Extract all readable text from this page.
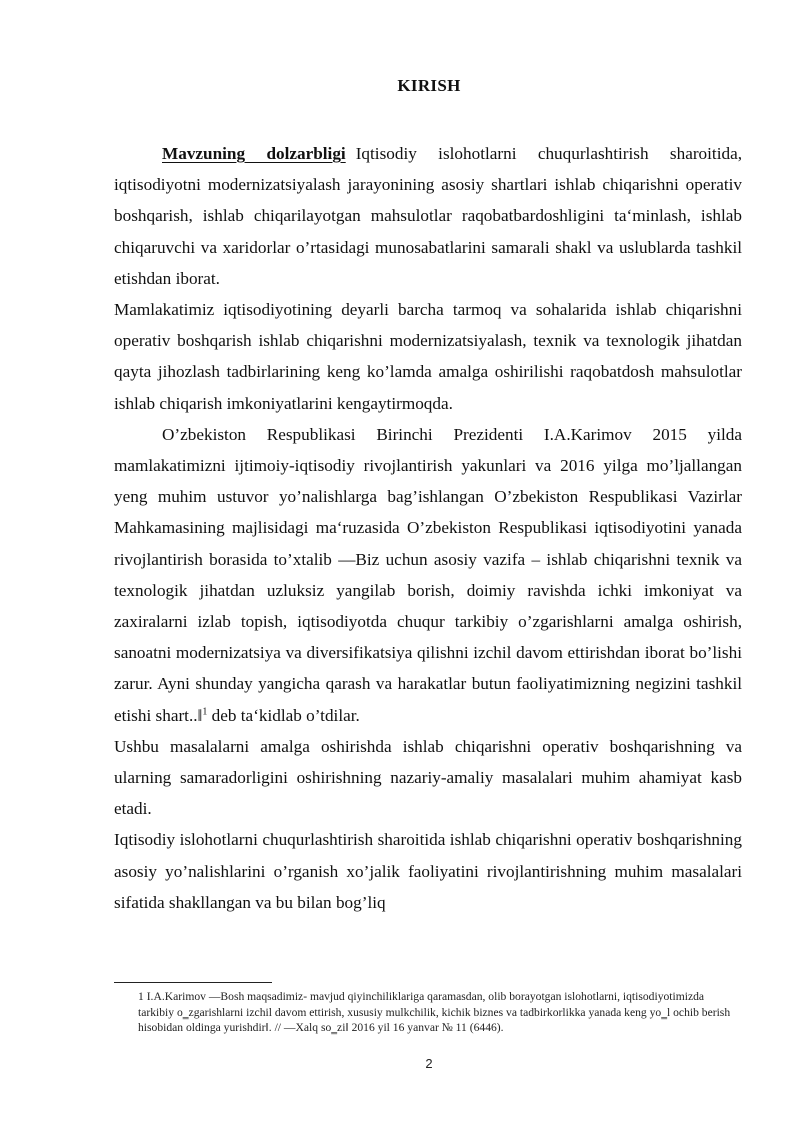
KIRISH

Mavzuning dolzarbligi Iqtisodiy islohotlarni chuqurlashtirish sharoitida, iqtisodiyotni modernizatsiyalash jarayonining asosiy shartlari ishlab chiqarishni operativ boshqarish, ishlab chiqarilayotgan mahsulotlar raqobatbardoshligini ta‘minlash, ishlab chiqaruvchi va xaridorlar o’rtasidagi munosabatlarini samarali shakl va uslublarda tashkil etishdan iborat.

Mamlakatimiz iqtisodiyotining deyarli barcha tarmoq va sohalarida ishlab chiqarishni operativ boshqarish ishlab chiqarishni modernizatsiyalash, texnik va texnologik jihatdan qayta jihozlash tadbirlarining keng ko’lamda amalga oshirilishi raqobatdosh mahsulotlar ishlab chiqarish imkoniyatlarini kengaytirmoqda.

O’zbekiston Respublikasi Birinchi Prezidenti I.A.Karimov 2015 yilda mamlakatimizni ijtimoiy-iqtisodiy rivojlantirish yakunlari va 2016 yilga mo’ljallangan yeng muhim ustuvor yo’nalishlarga bag’ishlangan O’zbekiston Respublikasi Vazirlar Mahkamasining majlisidagi ma‘ruzasida O’zbekiston Respublikasi iqtisodiyotini yanada rivojlantirish borasida to’xtalib ―Biz uchun asosiy vazifa – ishlab chiqarishni texnik va texnologik jihatdan uzluksiz yangilab borish, doimiy ravishda ichki imkoniyat va zaxiralarni izlab topish, iqtisodiyotda chuqur tarkibiy o’zgarishlarni amalga oshirish, sanoatni modernizatsiya va diversifikatsiya qilishni izchil davom ettirishdan iborat bo’lishi zarur. Ayni shunday yangicha qarash va harakatlar butun faoliyatimizning negizini tashkil etishi shart..‖$^1$ deb ta‘kidlab o’tdilar.

Ushbu masalalarni amalga oshirishda ishlab chiqarishni operativ boshqarishning va ularning samaradorligini oshirishning nazariy-amaliy masalalari muhim ahamiyat kasb etadi.

Iqtisodiy islohotlarni chuqurlashtirish sharoitida ishlab chiqarishni operativ boshqarishning asosiy yo’nalishlarini o’rganish xo’jalik faoliyatini rivojlantirishning muhim masalalari sifatida shakllangan va bu bilan bog’liq

1 I.A.Karimov ―Bosh maqsadimiz- mavjud qiyinchiliklariga qaramasdan, olib borayotgan islohotlarni, iqtisodiyotimizda tarkibiy o‗zgarishlarni izchil davom ettirish, xususiy mulkchilik, kichik biznes va tadbirkorlikka yanada keng yo‗l ochib berish hisobidan oldinga yurishdir‖. // ―Xalq so‗zi‖ 2016 yil 16 yanvar № 11 (6446).
2
